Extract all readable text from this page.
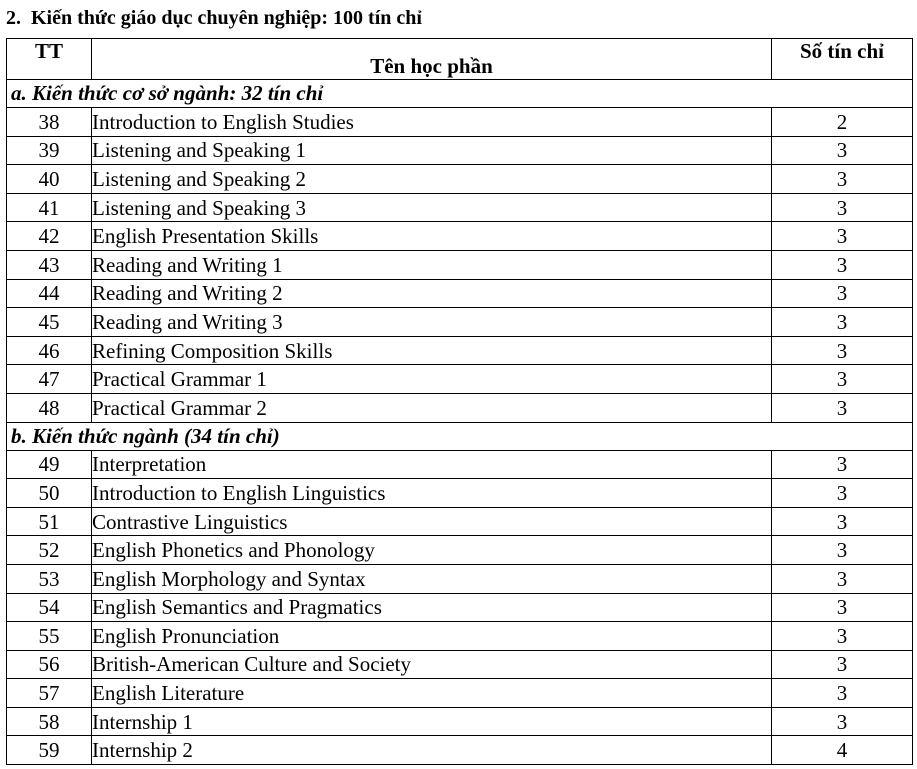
2. Kiến thức giáo dục chuyên nghiệp: 100 tín chỉ
TT	Tên học phần	Số tín chỉ
a. Kiến thức cơ sở ngành: 32 tín chỉ		
38	Introduction to English Studies	2
39	Listening and Speaking 1	3
40	Listening and Speaking 2	3
41	Listening and Speaking 3	3
42	English Presentation Skills	3
43	Reading and Writing 1	3
44	Reading and Writing 2	3
45	Reading and Writing 3	3
46	Refining Composition Skills	3
47	Practical Grammar 1	3
48	Practical Grammar 2	3
b. Kiến thức ngành (34 tín chỉ)		
49	Interpretation	3
50	Introduction to English Linguistics	3
51	Contrastive Linguistics	3
52	English Phonetics and Phonology	3
53	English Morphology and Syntax	3
54	English Semantics and Pragmatics	3
55	English Pronunciation	3
56	British-American Culture and Society	3
57	English Literature	3
58	Internship 1	3
59	Internship 2	4
